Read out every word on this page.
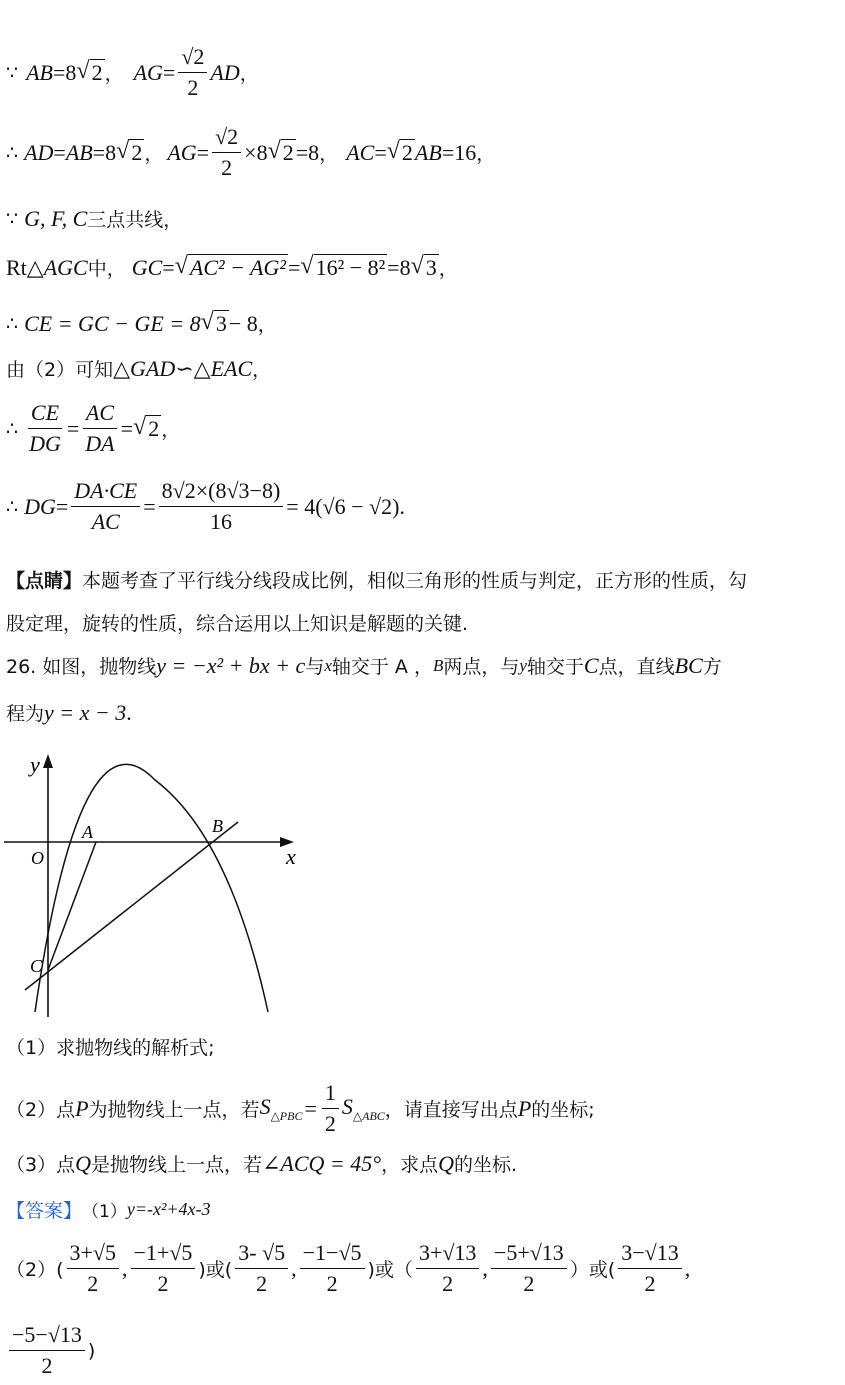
∵ AB =8 √ 2 ， AG = $\frac{√2}{2}$ AD ，
∴ AD = AB =8 √ 2 ， AG = $\frac{√2}{2} \times 8$ √ 2 =8 ， AC = √ 2 AB =16 ，
∵ G, F, C 三点共线，
Rt△ AGC 中， GC = √ AC² − AG² = √ 16² − 8² =8 √ 3 ，
∴ CE = GC − GE = 8 √ 3 − 8 ，
由（2）可知 △GAD∽△EAC ，
∴ $\frac{CE}{DG} = \frac{AC}{DA}$ = √ 2 ，
∴ DG = $\frac{DA\cdot CE}{AC} = \frac{8√2\times(8√3-8)}{16} = 4(√6 - √2)$.
【点睛】 本题考查了平行线分线段成比例，相似三角形的性质与判定，正方形的性质，勾
股定理，旋转的性质，综合运用以上知识是解题的关键.
26. 如图，抛物线 y = −x² + bx + c 与 x 轴交于 A ， B 两点，与 y 轴交于 C 点，直线 BC 方
程为 y = x − 3 .
y
x
O
A	B
C
（1）求抛物线的解析式;
（2）点 P 为抛物线上一点，若 $S_{\triangle PBC} = \frac{1}{2} S_{\triangle ABC}$ ，请直接写出点 P 的坐标;
（3）点 Q 是抛物线上一点，若 ∠ACQ = 45° ，求点 Q 的坐标.
【答案】 （1） y=-x²+4x-3
$(2)( \frac{3+√5}{2}$ , $\frac{-1+√5}{2}$ )或( $\frac{3- √5}{2}$ , $\frac{-1-√5}{2}$ )或（ $\frac{3+√13}{2}$ , $\frac{-5+√13}{2}$ ）或( $\frac{3-√13}{2}$ ,
$\frac{-5-√13}{2}$ )
